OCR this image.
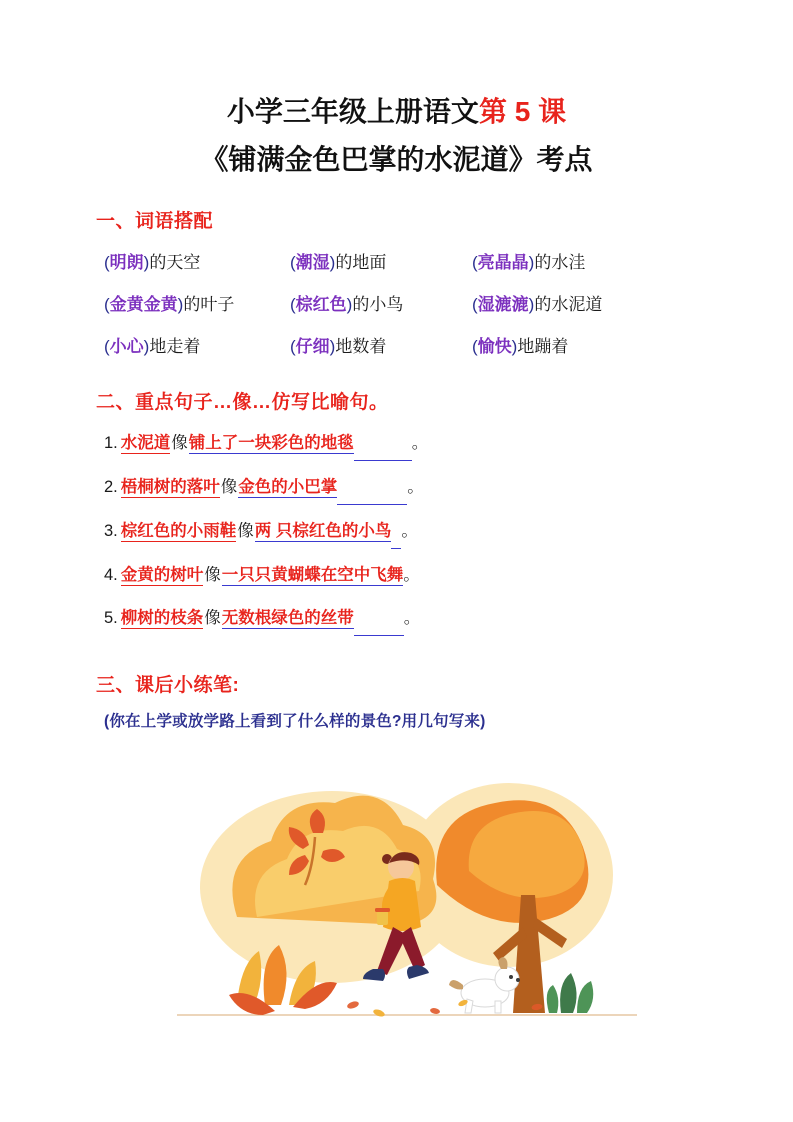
小学三年级上册语文第 5 课
《铺满金色巴掌的水泥道》考点
一、词语搭配
(明朗)的天空	(潮湿)的地面	(亮晶晶)的水洼
(金黄金黄)的叶子	(棕红色)的小鸟	(湿漉漉)的水泥道
(小心)地走着	(仔细)地数着	(愉快)地蹦着
二、重点句子…像…仿写比喻句。
1. 水泥道像铺上了一块彩色的地毯	。
2. 梧桐树的落叶像金色的小巴掌	。
3. 棕红色的小雨鞋像两 只棕红色的小鸟 。
4. 金黄的树叶像一只只黄蝴蝶在空中飞舞。
5. 柳树的枝条像无数根绿色的丝带	。
三、课后小练笔:
(你在上学或放学路上看到了什么样的景色?用几句写来)
